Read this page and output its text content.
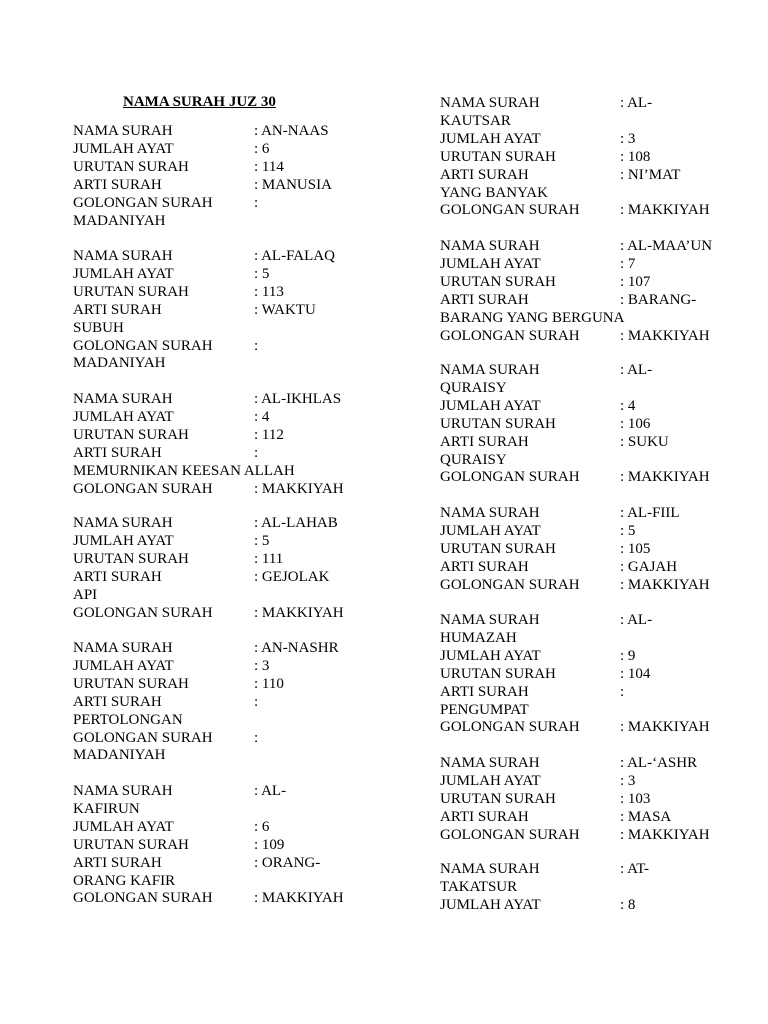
NAMA SURAH JUZ 30
NAMA SURAH	: AN-NAAS
JUMLAH AYAT	: 6
URUTAN SURAH	: 114
ARTI SURAH	: MANUSIA
GOLONGAN SURAH	:
MADANIYAH
NAMA SURAH	: AL-FALAQ
JUMLAH AYAT	: 5
URUTAN SURAH	: 113
ARTI SURAH	: WAKTU
SUBUH
GOLONGAN SURAH	:
MADANIYAH
NAMA SURAH	: AL-IKHLAS
JUMLAH AYAT	: 4
URUTAN SURAH	: 112
ARTI SURAH	:
MEMURNIKAN KEESAN ALLAH
GOLONGAN SURAH	: MAKKIYAH
NAMA SURAH	: AL-LAHAB
JUMLAH AYAT	: 5
URUTAN SURAH	: 111
ARTI SURAH	: GEJOLAK
API
GOLONGAN SURAH	: MAKKIYAH
NAMA SURAH	: AN-NASHR
JUMLAH AYAT	: 3
URUTAN SURAH	: 110
ARTI SURAH	:
PERTOLONGAN
GOLONGAN SURAH	:
MADANIYAH
NAMA SURAH	: AL-
KAFIRUN
JUMLAH AYAT	: 6
URUTAN SURAH	: 109
ARTI SURAH	: ORANG-
ORANG KAFIR
GOLONGAN SURAH	: MAKKIYAH
NAMA SURAH	: AL-
KAUTSAR
JUMLAH AYAT	: 3
URUTAN SURAH	: 108
ARTI SURAH	: NI’MAT
YANG BANYAK
GOLONGAN SURAH	: MAKKIYAH
NAMA SURAH	: AL-MAA’UN
JUMLAH AYAT	: 7
URUTAN SURAH	: 107
ARTI SURAH	: BARANG-
BARANG YANG BERGUNA
GOLONGAN SURAH	: MAKKIYAH
NAMA SURAH	: AL-
QURAISY
JUMLAH AYAT	: 4
URUTAN SURAH	: 106
ARTI SURAH	: SUKU
QURAISY
GOLONGAN SURAH	: MAKKIYAH
NAMA SURAH	: AL-FIIL
JUMLAH AYAT	: 5
URUTAN SURAH	: 105
ARTI SURAH	: GAJAH
GOLONGAN SURAH	: MAKKIYAH
NAMA SURAH	: AL-
HUMAZAH
JUMLAH AYAT	: 9
URUTAN SURAH	: 104
ARTI SURAH	:
PENGUMPAT
GOLONGAN SURAH	: MAKKIYAH
NAMA SURAH	: AL-‘ASHR
JUMLAH AYAT	: 3
URUTAN SURAH	: 103
ARTI SURAH	: MASA
GOLONGAN SURAH	: MAKKIYAH
NAMA SURAH	: AT-
TAKATSUR
JUMLAH AYAT	: 8
